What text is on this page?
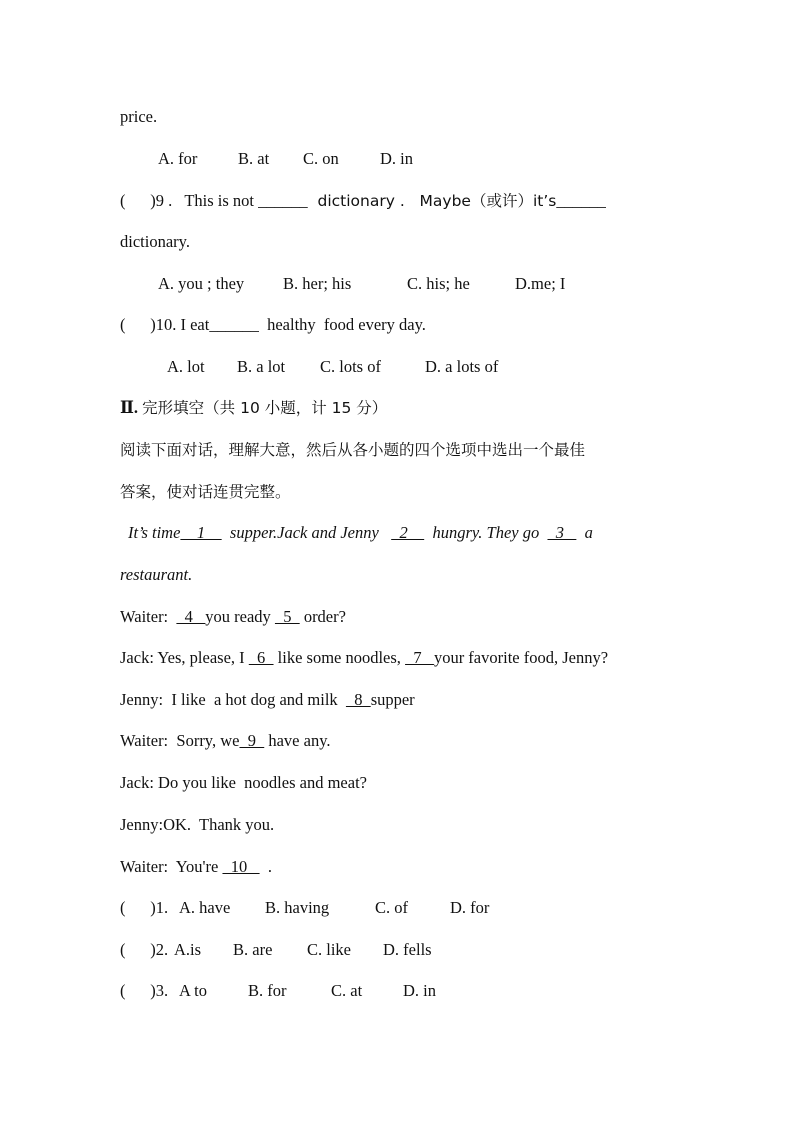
price.
A. for B. at C. on D. in
(      )9 . This is not ______  dictionary .   Maybe（或许）it’s______
dictionary.
A. you ; they B. her; his	C. his; he	D.me; I
(      )10. I eat______  healthy  food every day.
A. lot B. a lot C. lots of	D. a lots of
Ⅱ. 完形填空（共 10 小题，计 15 分）
阅读下面对话，理解大意，然后从各小题的四个选项中选出一个最佳
答案，使对话连贯完整。
It’s time    1      supper.Jack and Jenny     2      hungry. They go    3     a
restaurant.
Waiter:    4   you ready   5   order?
Jack: Yes, please, I   6   like some noodles,   7   your favorite food, Jenny?
Jenny:  I like  a hot dog and milk    8  supper
Waiter:  Sorry, we  9   have any.
Jack: Do you like  noodles and meat?
Jenny:OK.  Thank you.
Waiter:  You're   10     .
(      )1. A. have B. having	C. of	D. for
(      )2. A.is B. are C. like D. fells
(      )3. A to B. for	C. at D. in
